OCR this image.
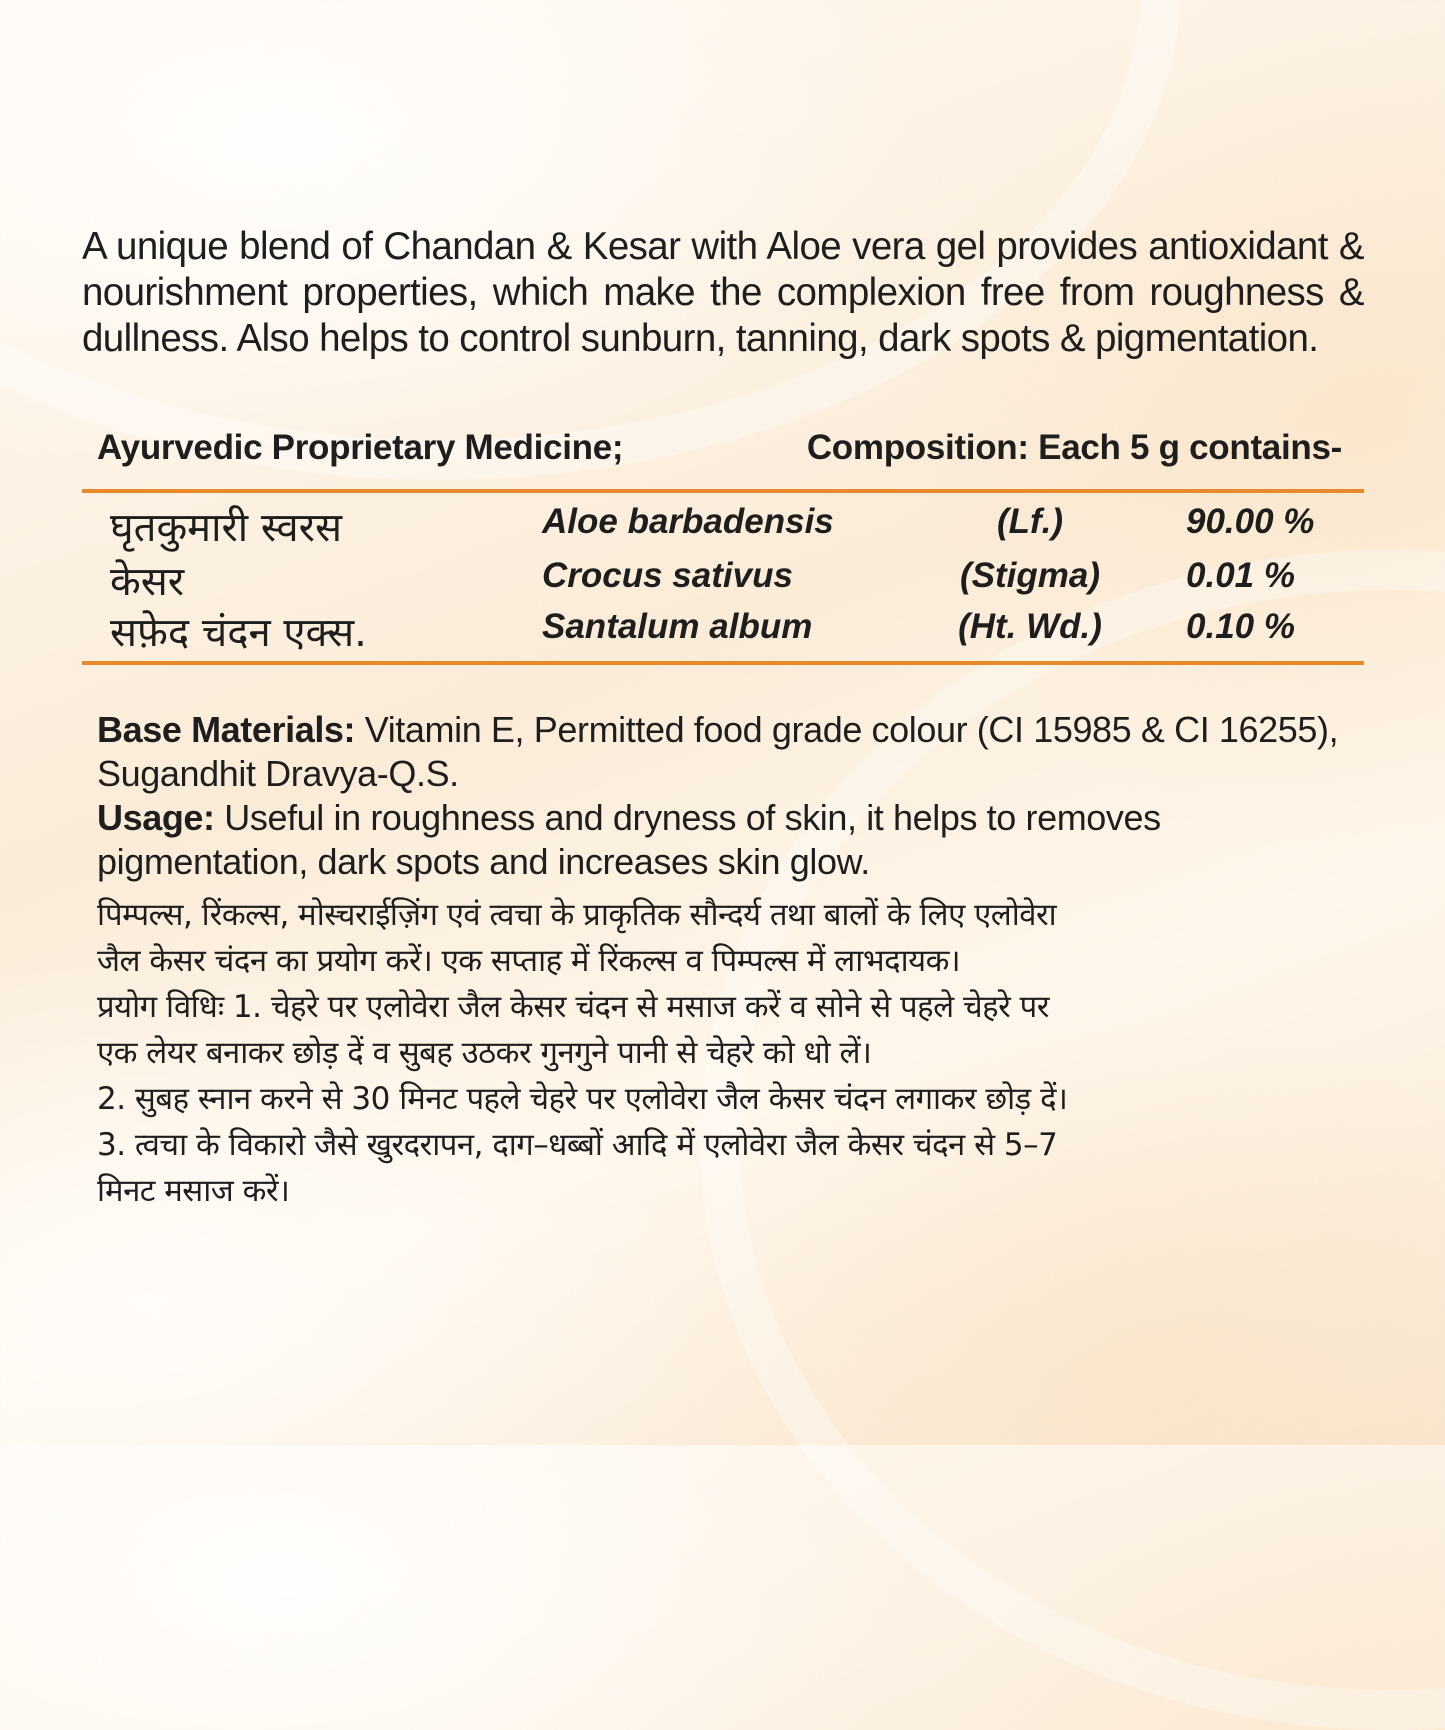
A unique blend of Chandan & Kesar with Aloe vera gel provides antioxidant & nourishment properties, which make the complexion free from roughness & dullness. Also helps to control sunburn, tanning, dark spots & pigmentation.

Ayurvedic Proprietary Medicine;	Composition: Each 5 g contains-
घृतकुमारी स्वरस	Aloe barbadensis	(Lf.)	90.00 %
केसर	Crocus sativus	(Stigma)	0.01 %
सफ़ेद चंदन एक्स.	Santalum album	(Ht. Wd.)	0.10 %

Base Materials: Vitamin E, Permitted food grade colour (CI 15985 & CI 16255), Sugandhit Dravya-Q.S.

Usage: Useful in roughness and dryness of skin, it helps to removes pigmentation, dark spots and increases skin glow.

पिम्पल्स, रिंकल्स, मोस्चराईज़िंग एवं त्वचा के प्राकृतिक सौन्दर्य तथा बालों के लिए एलोवेरा
जैल केसर चंदन का प्रयोग करें। एक सप्ताह में रिंकल्स व पिम्पल्स में लाभदायक।
प्रयोग विधिः 1. चेहरे पर एलोवेरा जैल केसर चंदन से मसाज करें व सोने से पहले चेहरे पर
एक लेयर बनाकर छोड़ दें व सुबह उठकर गुनगुने पानी से चेहरे को धो लें।
2. सुबह स्नान करने से 30 मिनट पहले चेहरे पर एलोवेरा जैल केसर चंदन लगाकर छोड़ दें।
3. त्वचा के विकारो जैसे खुरदरापन, दाग–धब्बों आदि में एलोवेरा जैल केसर चंदन से 5–7
मिनट मसाज करें।
